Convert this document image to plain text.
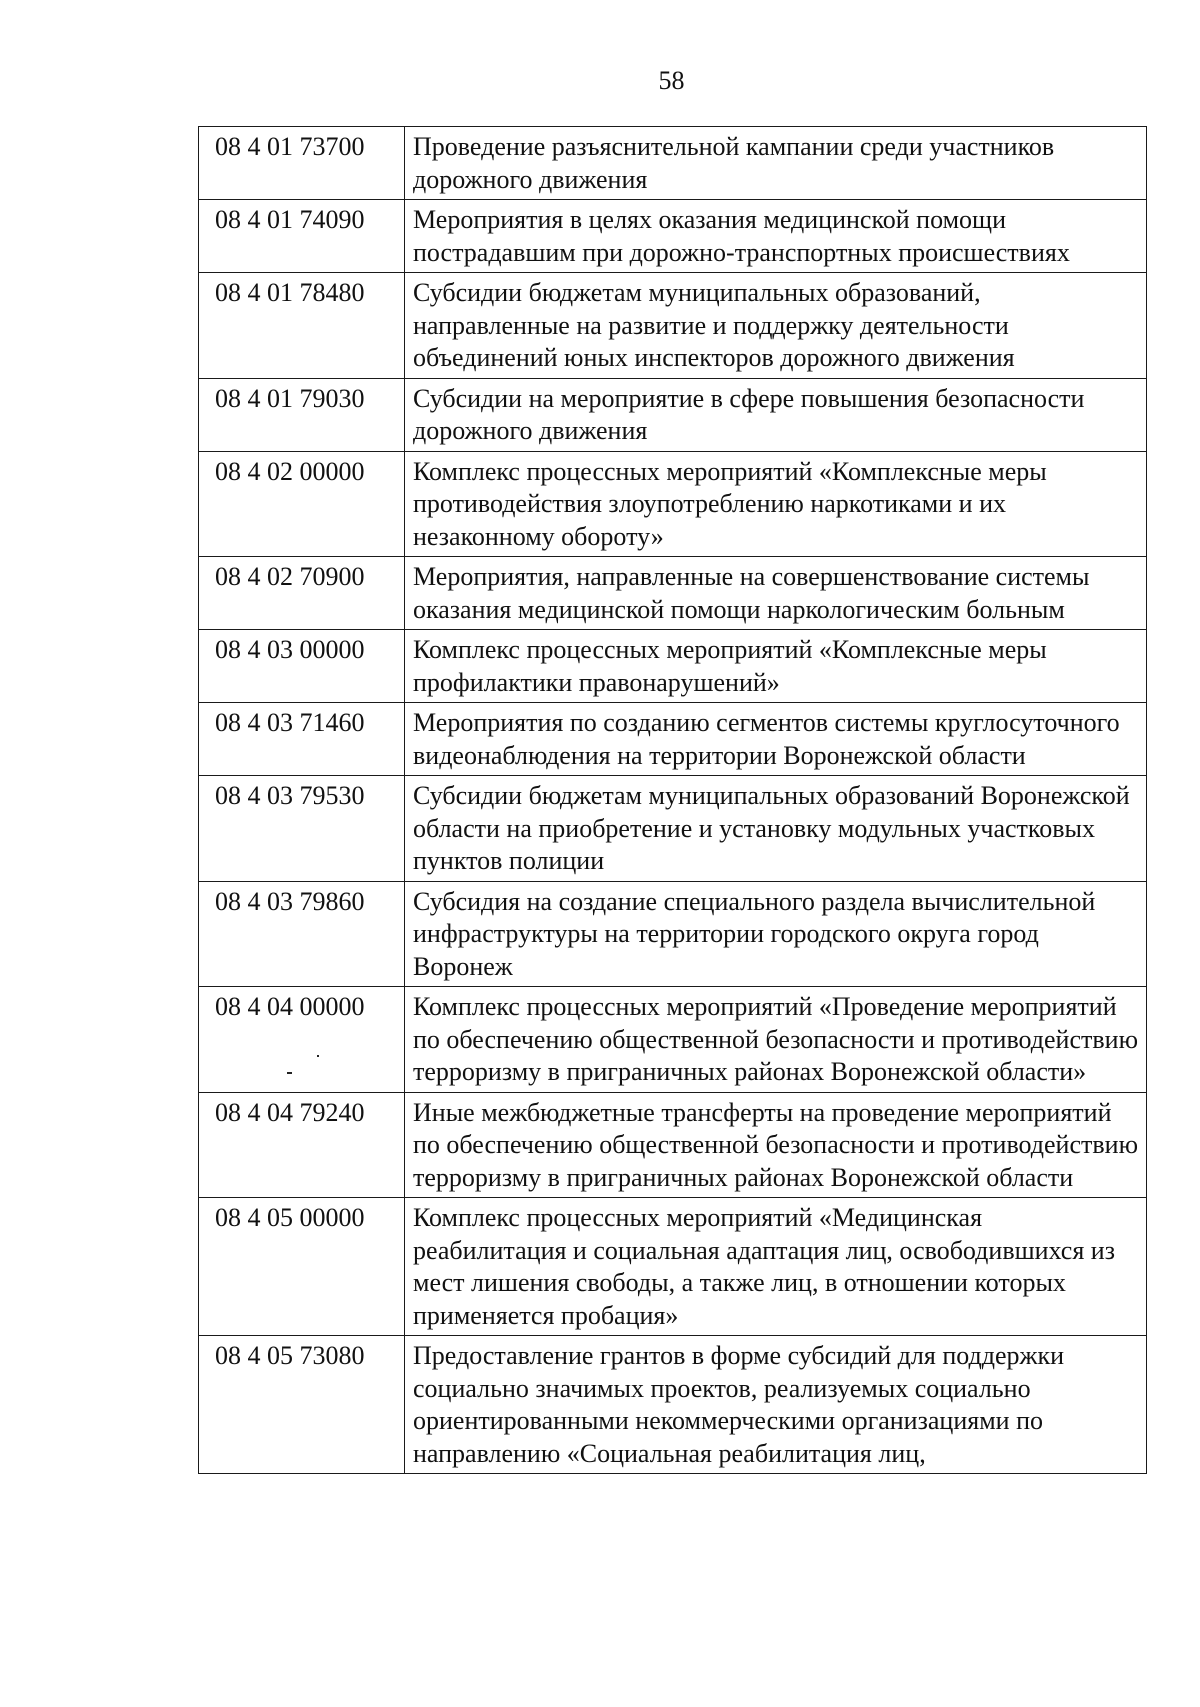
58
08 4 01 73700	Проведение разъяснительной кампании среди участников дорожного движения
08 4 01 74090	Мероприятия в целях оказания медицинской помощи пострадавшим при дорожно-транспортных происшествиях
08 4 01 78480	Субсидии бюджетам муниципальных образований, направленные на развитие и поддержку деятельности объединений юных инспекторов дорожного движения
08 4 01 79030	Субсидии на мероприятие в сфере повышения безопасности дорожного движения
08 4 02 00000	Комплекс процессных мероприятий «Комплексные меры противодействия злоупотреблению наркотиками и их незаконному обороту»
08 4 02 70900	Мероприятия, направленные на совершенствование системы оказания медицинской помощи наркологическим больным
08 4 03 00000	Комплекс процессных мероприятий «Комплексные меры профилактики правонарушений»
08 4 03 71460	Мероприятия по созданию сегментов системы круглосуточного видеонаблюдения на территории Воронежской области
08 4 03 79530	Субсидии бюджетам муниципальных образований Воронежской области на приобретение и установку модульных участковых пунктов полиции
08 4 03 79860	Субсидия на создание специального раздела вычислительной инфраструктуры на территории городского округа город Воронеж
08 4 04 00000	Комплекс процессных мероприятий «Проведение мероприятий по обеспечению общественной безопасности и противодействию терроризму в приграничных районах Воронежской области»
08 4 04 79240	Иные межбюджетные трансферты на проведение мероприятий по обеспечению общественной безопасности и противодействию терроризму в приграничных районах Воронежской области
08 4 05 00000	Комплекс процессных мероприятий «Медицинская реабилитация и социальная адаптация лиц, освободившихся из мест лишения свободы, а также лиц, в отношении которых применяется пробация»
08 4 05 73080	Предоставление грантов в форме субсидий для поддержки социально значимых проектов, реализуемых социально ориентированными некоммерческими организациями по направлению «Социальная реабилитация лиц,
